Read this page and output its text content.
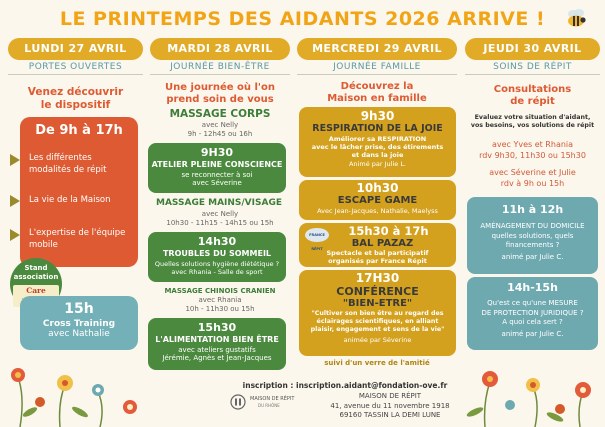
LE PRINTEMPS DES AIDANTS 2026 ARRIVE !
LUNDI 27 AVRIL
PORTES OUVERTES
Venez découvrir
le dispositif
De 9h à 17h
Les différentes modalités de répit
La vie de la Maison
L'expertise de l'équipe mobile
Stand
association
Care
15h
Cross Training
avec Nathalie
MARDI 28 AVRIL
JOURNÉE BIEN-ÊTRE
Une journée où l'on
prend soin de vous
MASSAGE CORPS
avec Nelly
9h - 12h45 ou 16h
9H30
ATELIER PLEINE CONSCIENCE
se reconnecter à soi
avec Séverine
MASSAGE MAINS/VISAGE
avec Nelly
10h30 - 11h15 - 14h15 ou 15h
14h30
TROUBLES DU SOMMEIL
Quelles solutions hygiène diététique ?
avec Rhania - Salle de sport
MASSAGE CHINOIS CRANIEN
avec Rhania
10h - 11h30 ou 15h
15h30
L'ALIMENTATION BIEN ÊTRE
avec ateliers gustatifs
Jérémie, Agnès et Jean-Jacques
MERCREDI 29 AVRIL
JOURNÉE FAMILLE
Découvrez la
Maison en famille
9h30
RESPIRATION DE LA JOIE
Améliorer sa RESPIRATION
avec le lâcher prise, des étirements
et dans la joie
Animé par Julie L.
10h30
ESCAPE GAME
Avec Jean-Jacques, Nathalie, Maelyss
FRANCE RÉPIT
15h30 à 17h
BAL PAZAZ
Spectacle et bal participatif
organisés par France Répit
17H30
CONFÉRENCE
"BIEN-ETRE"
"Cultiver son bien être au regard des
éclairages scientifiques, en alliant
plaisir, engagement et sens de la vie"
animée par Séverine
suivi d'un verre de l'amitié
JEUDI 30 AVRIL
SOINS DE RÉPIT
Consultations
de répit
Evaluez votre situation d'aidant,
vos besoins, vos solutions de répit
avec Yves et Rhania
rdv 9h30, 11h30 ou 15h30
avec Séverine et Julie
rdv à 9h ou 15h
11h à 12h
AMÉNAGEMENT DU DOMICILE
quelles solutions, quels
financements ?
animé par Julie C.
14h-15h
Qu'est ce qu'une MESURE
DE PROTECTION JURIDIQUE ?
A quoi cela sert ?
animé par Julie C.
inscription : inscription.aidant@fondation-ove.fr
MAISON DE RÉPIT
DU RHÔNE
MAISON DE RÉPIT
41, avenue du 11 novembre 1918
69160 TASSIN LA DEMI LUNE
